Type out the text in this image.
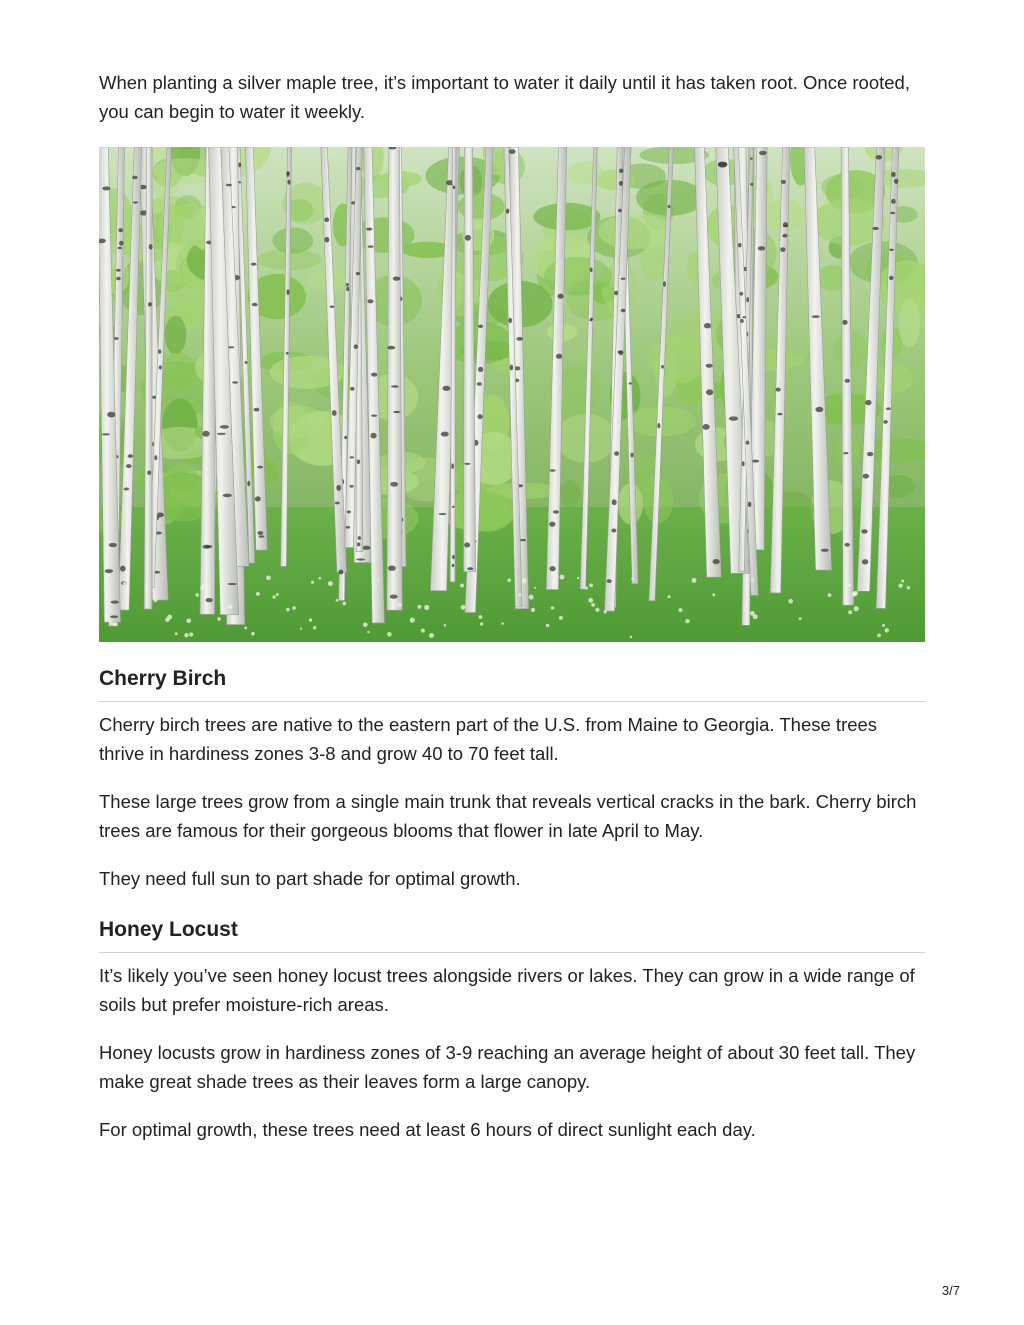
When planting a silver maple tree, it’s important to water it daily until it has taken root. Once rooted, you can begin to water it weekly.

Cherry Birch

Cherry birch trees are native to the eastern part of the U.S. from Maine to Georgia. These trees thrive in hardiness zones 3-8 and grow 40 to 70 feet tall.

These large trees grow from a single main trunk that reveals vertical cracks in the bark. Cherry birch trees are famous for their gorgeous blooms that flower in late April to May.

They need full sun to part shade for optimal growth.

Honey Locust

It’s likely you’ve seen honey locust trees alongside rivers or lakes. They can grow in a wide range of soils but prefer moisture-rich areas.

Honey locusts grow in hardiness zones of 3-9 reaching an average height of about 30 feet tall. They make great shade trees as their leaves form a large canopy.

For optimal growth, these trees need at least 6 hours of direct sunlight each day.

3/7
